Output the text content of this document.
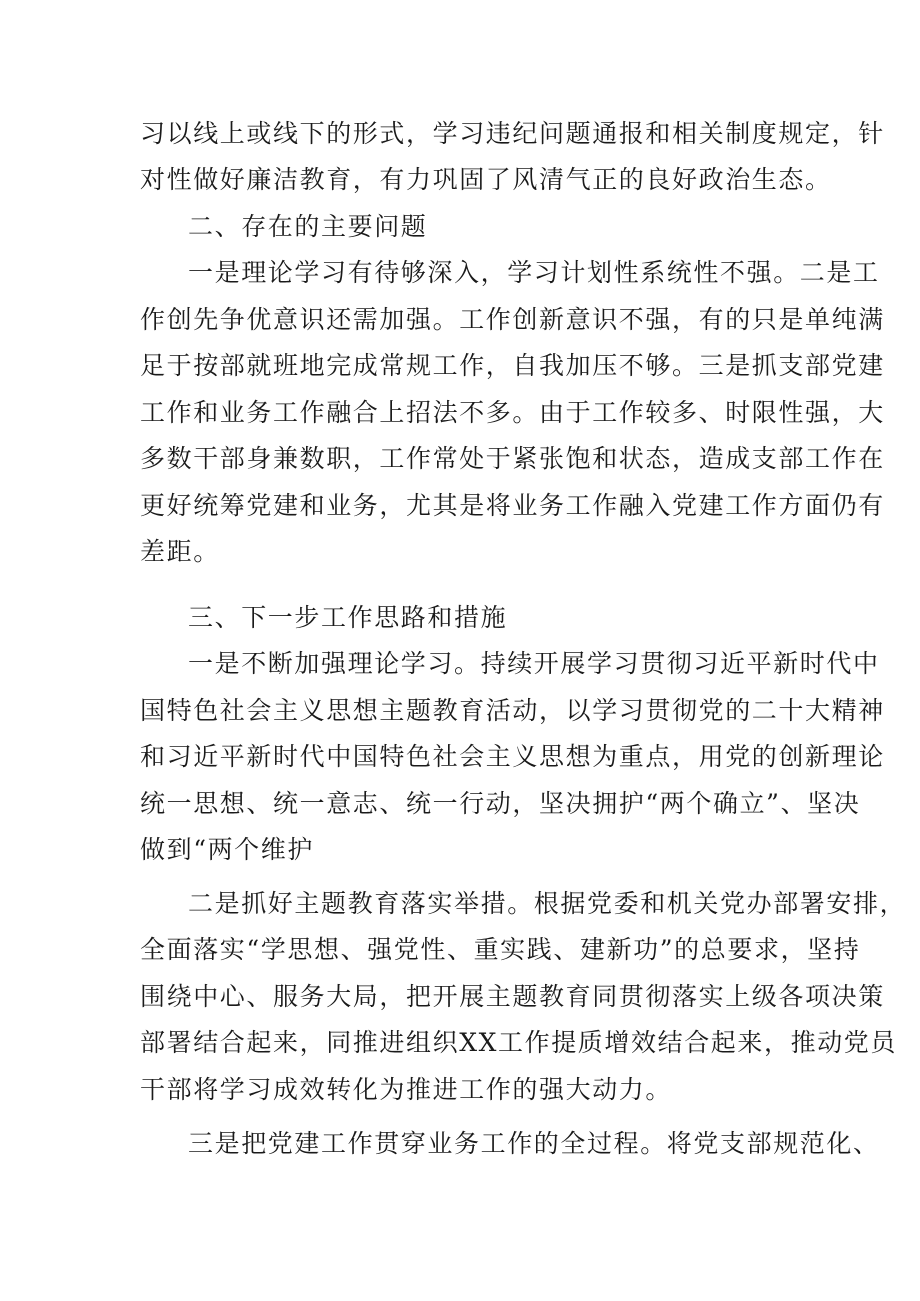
习以线上或线下的形式，学习违纪问题通报和相关制度规定，针
对性做好廉洁教育，有力巩固了风清气正的良好政治生态。
二、存在的主要问题
一是理论学习有待够深入，学习计划性系统性不强。二是工
作创先争优意识还需加强。工作创新意识不强，有的只是单纯满
足于按部就班地完成常规工作，自我加压不够。三是抓支部党建
工作和业务工作融合上招法不多。由于工作较多、时限性强，大
多数干部身兼数职，工作常处于紧张饱和状态，造成支部工作在
更好统筹党建和业务，尤其是将业务工作融入党建工作方面仍有
差距。
三、下一步工作思路和措施
一是不断加强理论学习。持续开展学习贯彻习近平新时代中
国特色社会主义思想主题教育活动，以学习贯彻党的二十大精神
和习近平新时代中国特色社会主义思想为重点，用党的创新理论
统一思想、统一意志、统一行动，坚决拥护“两个确立”、坚决
做到“两个维护
二是抓好主题教育落实举措。根据党委和机关党办部署安排，
全面落实“学思想、强党性、重实践、建新功”的总要求，坚持
围绕中心、服务大局，把开展主题教育同贯彻落实上级各项决策
部署结合起来，同推进组织XX工作提质增效结合起来，推动党员
干部将学习成效转化为推进工作的强大动力。
三是把党建工作贯穿业务工作的全过程。将党支部规范化、
